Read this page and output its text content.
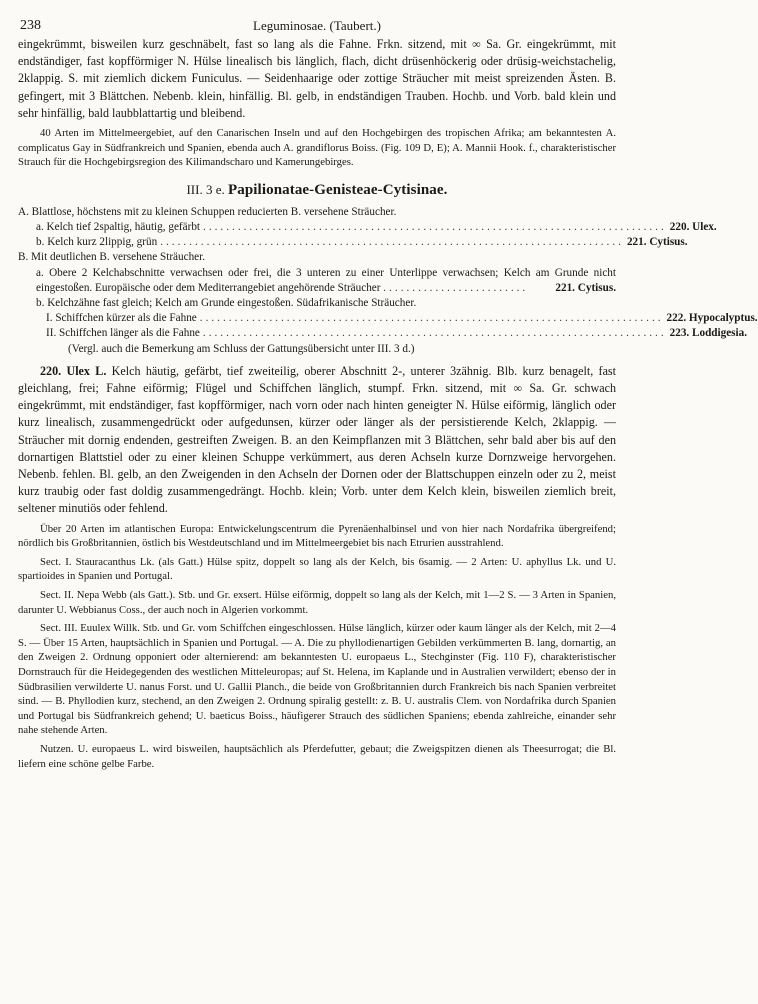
238	Leguminosae. (Taubert.)

eingekrümmt, bisweilen kurz geschnäbelt, fast so lang als die Fahne. Frkn. sitzend, mit ∞ Sa. Gr. eingekrümmt, mit endständiger, fast kopfförmiger N. Hülse linealisch bis länglich, flach, dicht drüsenhöckerig oder drüsig-weichstachelig, 2klappig. S. mit ziemlich dickem Funiculus. — Seidenhaarige oder zottige Sträucher mit meist spreizenden Ästen. B. gefingert, mit 3 Blättchen. Nebenb. klein, hinfällig. Bl. gelb, in endständigen Trauben. Hochb. und Vorb. bald klein und sehr hinfällig, bald laubblattartig und bleibend.

40 Arten im Mittelmeergebiet, auf den Canarischen Inseln und auf den Hochgebirgen des tropischen Afrika; am bekanntesten A. complicatus Gay in Südfrankreich und Spanien, ebenda auch A. grandiflorus Boiss. (Fig. 109 D, E); A. Mannii Hook. f., charakteristischer Strauch für die Hochgebirgsregion des Kilimandscharo und Kamerungebirges.

III. 3 e. Papilionatae-Genisteae-Cytisinae.
A. Blattlose, höchstens mit zu kleinen Schuppen reducierten B. versehene Sträucher.
a. Kelch tief 2spaltig, häutig, gefärbt ................................................................................ 220. Ulex.
b. Kelch kurz 2lippig, grün ................................................................................ 221. Cytisus.
B. Mit deutlichen B. versehene Sträucher.
a. Obere 2 Kelchabschnitte verwachsen oder frei, die 3 unteren zu einer Unterlippe verwachsen; Kelch am Grunde nicht eingestoßen. Europäische oder dem Mediterrangebiet angehörende Sträucher ......................... 221. Cytisus.
b. Kelchzähne fast gleich; Kelch am Grunde eingestoßen. Südafrikanische Sträucher.
I. Schiffchen kürzer als die Fahne ................................................................................ 222. Hypocalyptus.
II. Schiffchen länger als die Fahne ................................................................................ 223. Loddigesia.
(Vergl. auch die Bemerkung am Schluss der Gattungsübersicht unter III. 3 d.)

220. Ulex L. Kelch häutig, gefärbt, tief zweiteilig, oberer Abschnitt 2-, unterer 3zähnig. Blb. kurz benagelt, fast gleichlang, frei; Fahne eiförmig; Flügel und Schiffchen länglich, stumpf. Frkn. sitzend, mit ∞ Sa. Gr. schwach eingekrümmt, mit endständiger, fast kopfförmiger, nach vorn oder nach hinten geneigter N. Hülse eiförmig, länglich oder kurz linealisch, zusammengedrückt oder aufgedunsen, kürzer oder länger als der persistierende Kelch, 2klappig. — Sträucher mit dornig endenden, gestreiften Zweigen. B. an den Keimpflanzen mit 3 Blättchen, sehr bald aber bis auf den dornartigen Blattstiel oder zu einer kleinen Schuppe verkümmert, aus deren Achseln kurze Dornzweige hervorgehen. Nebenb. fehlen. Bl. gelb, an den Zweigenden in den Achseln der Dornen oder der Blattschuppen einzeln oder zu 2, meist kurz traubig oder fast doldig zusammengedrängt. Hochb. klein; Vorb. unter dem Kelch klein, bisweilen ziemlich breit, seltener minutiös oder fehlend.

Über 20 Arten im atlantischen Europa: Entwickelungscentrum die Pyrenäenhalbinsel und von hier nach Nordafrika übergreifend; nördlich bis Großbritannien, östlich bis Westdeutschland und im Mittelmeergebiet bis nach Etrurien ausstrahlend.

Sect. I. Stauracanthus Lk. (als Gatt.) Hülse spitz, doppelt so lang als der Kelch, bis 6samig. — 2 Arten: U. aphyllus Lk. und U. spartioides in Spanien und Portugal.

Sect. II. Nepa Webb (als Gatt.). Stb. und Gr. exsert. Hülse eiförmig, doppelt so lang als der Kelch, mit 1—2 S. — 3 Arten in Spanien, darunter U. Webbianus Coss., der auch noch in Algerien vorkommt.

Sect. III. Euulex Willk. Stb. und Gr. vom Schiffchen eingeschlossen. Hülse länglich, kürzer oder kaum länger als der Kelch, mit 2—4 S. — Über 15 Arten, hauptsächlich in Spanien und Portugal. — A. Die zu phyllodienartigen Gebilden verkümmerten B. lang, dornartig, an den Zweigen 2. Ordnung opponiert oder alternierend: am bekanntesten U. europaeus L., Stechginster (Fig. 110 F), charakteristischer Dornstrauch für die Heidegegenden des westlichen Mitteleuropas; auf St. Helena, im Kaplande und in Australien verwildert; ebenso der in Südbrasilien verwilderte U. nanus Forst. und U. Gallii Planch., die beide von Großbritannien durch Frankreich bis nach Spanien verbreitet sind. — B. Phyllodien kurz, stechend, an den Zweigen 2. Ordnung spiralig gestellt: z. B. U. australis Clem. von Nordafrika durch Spanien und Portugal bis Südfrankreich gehend; U. baeticus Boiss., häufigerer Strauch des südlichen Spaniens; ebenda zahlreiche, einander sehr nahe stehende Arten.

Nutzen. U. europaeus L. wird bisweilen, hauptsächlich als Pferdefutter, gebaut; die Zweigspitzen dienen als Theesurrogat; die Bl. liefern eine schöne gelbe Farbe.
